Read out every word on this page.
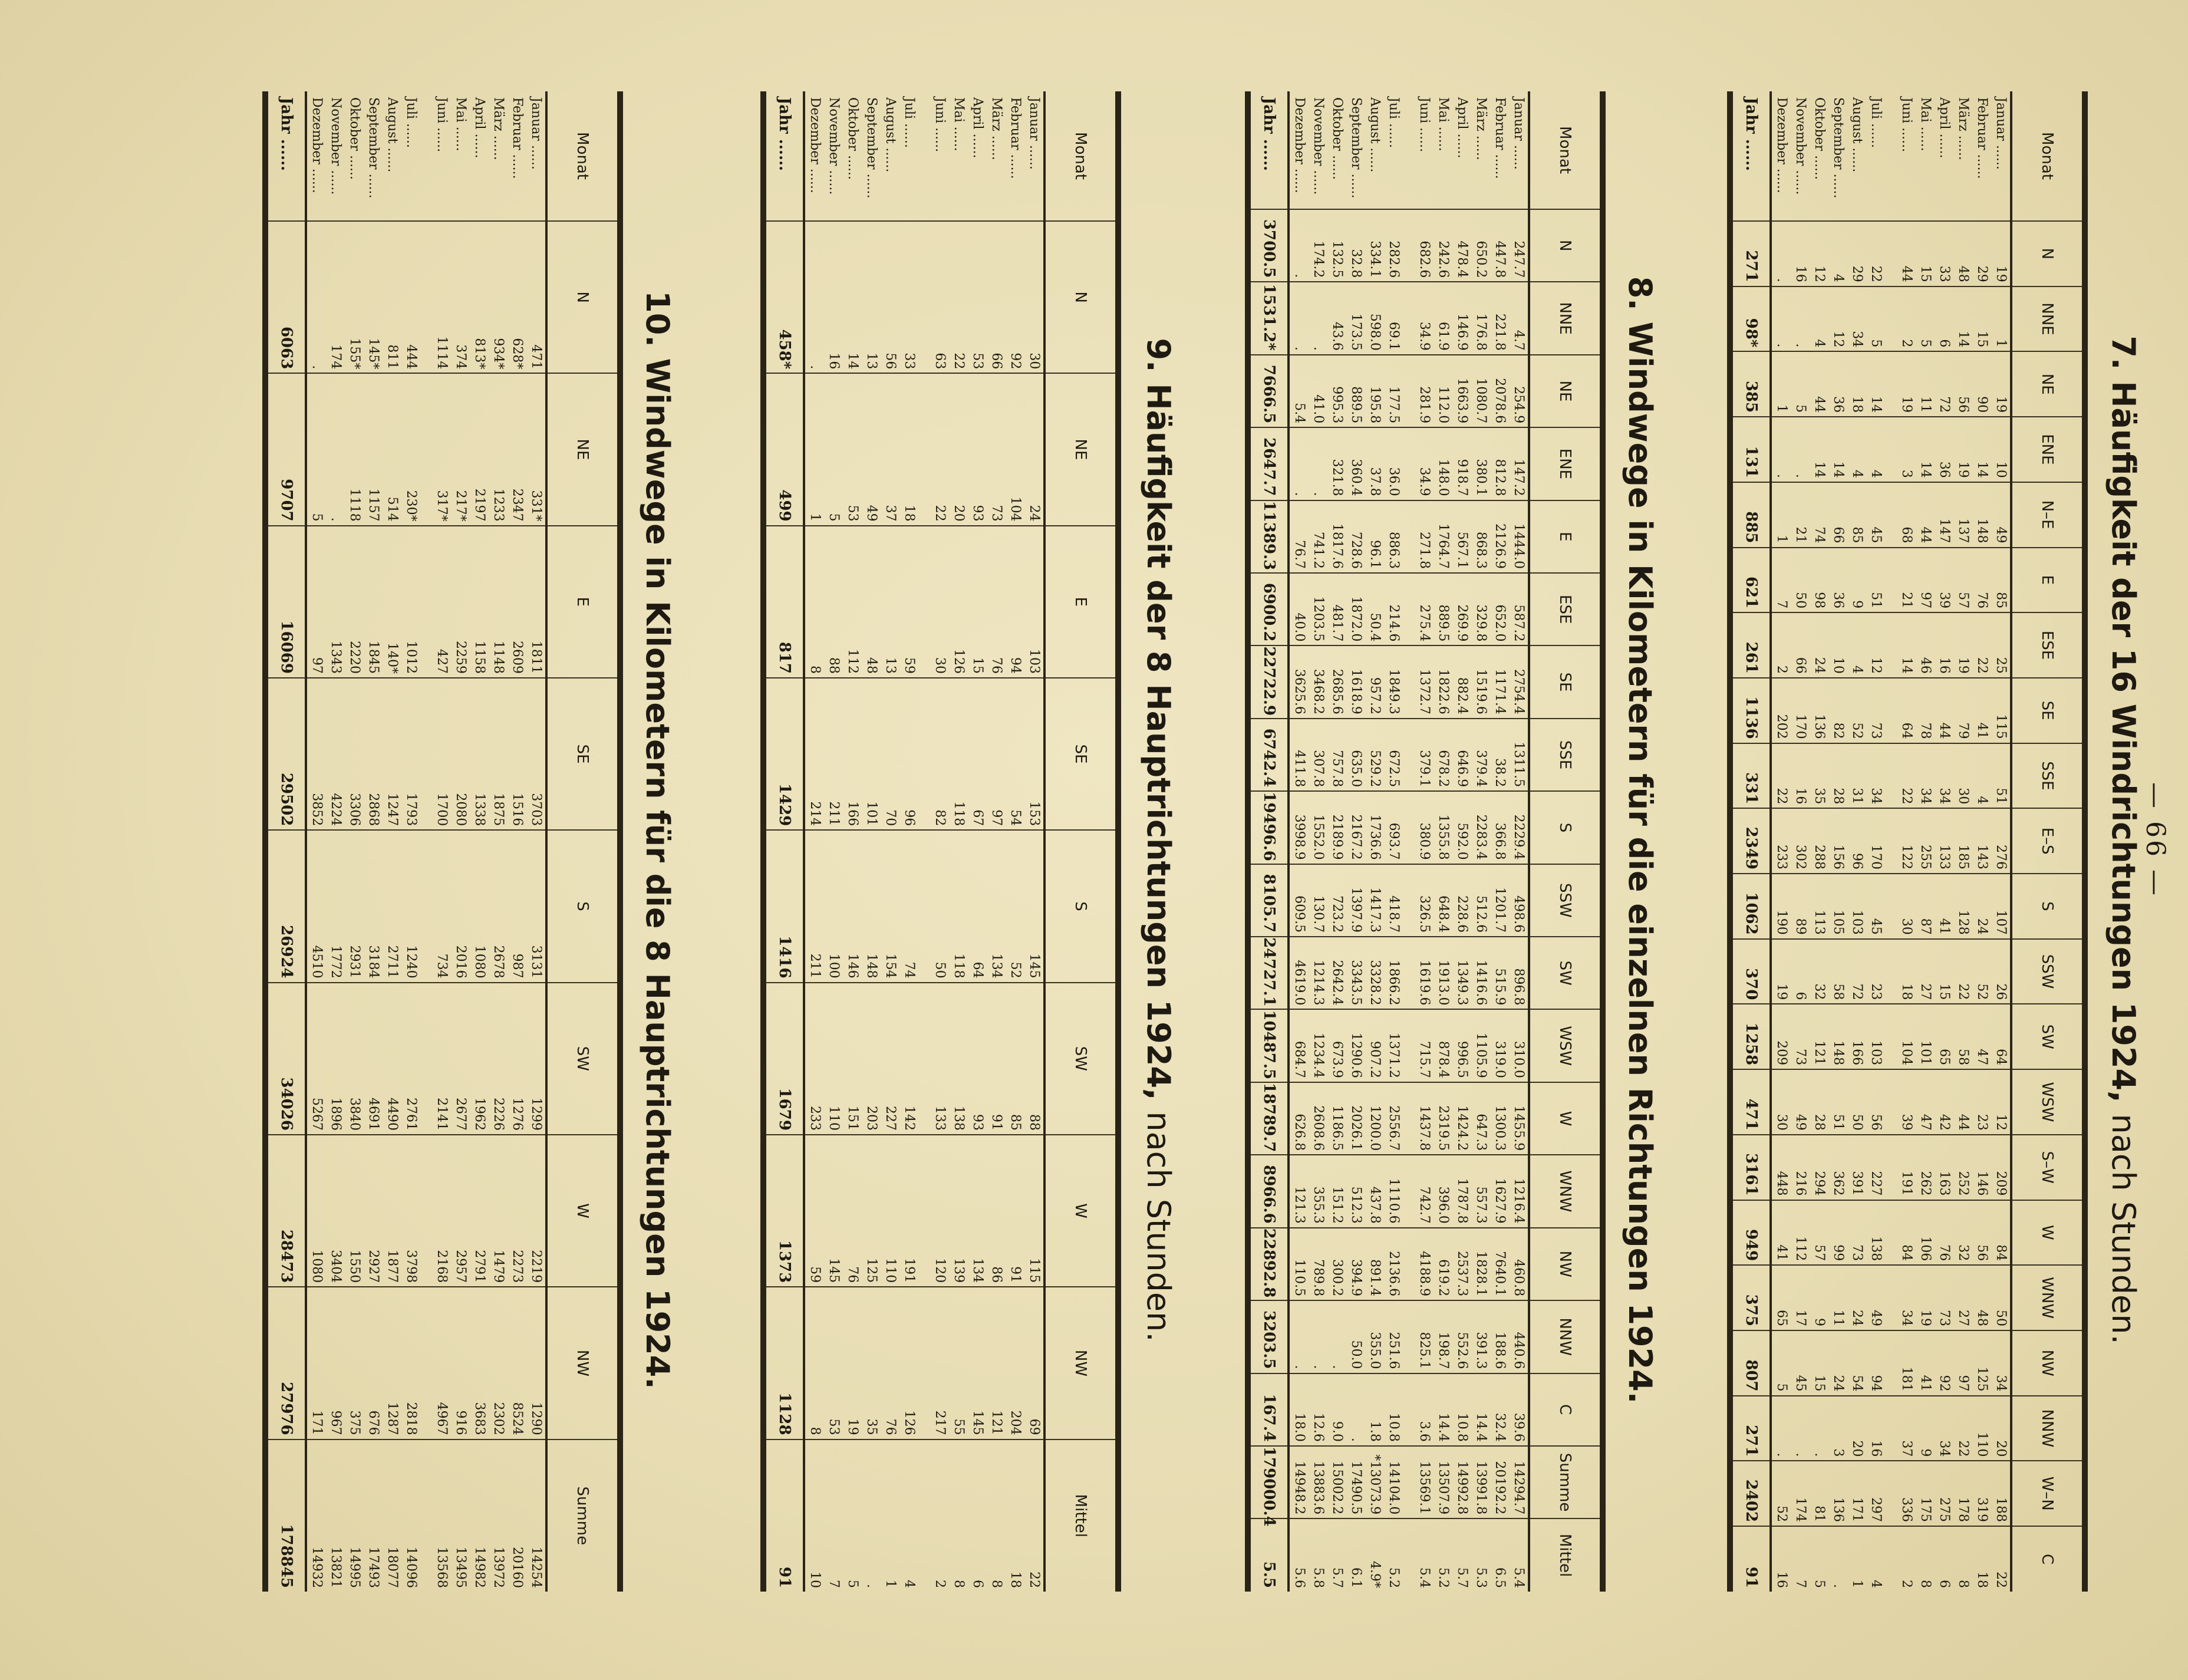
— 66 —
7. Häufigkeit der 16 Windrichtungen 1924, nach Stunden.
Monat	N	NNE	NE	ENE	N–E	E	ESE	SE	SSE	E–S	S	SSW	SW	WSW	S–W	W	WNW	NW	NNW	W–N	C
Januar ......	19	1	19	10	49	85	25	115	51	276	107	26	64	12	209	84	50	34	20	188	22
Februar ......	29	15	90	14	148	76	22	41	4	143	24	52	47	23	146	56	48	125	110	319	18
März ......	48	14	56	19	137	57	19	79	30	185	128	22	58	44	252	32	27	97	22	178	8
April ......	33	6	72	36	147	39	16	44	34	133	41	15	65	42	163	76	73	92	34	275	6
Mai ......	15	5	11	14	44	97	46	78	34	255	87	27	101	47	262	106	19	41	9	175	8
Juni ......	44	2	19	3	68	21	14	64	22	122	30	18	104	39	191	84	34	181	37	336	2

Juli ......	22	5	14	4	45	51	12	73	34	170	45	23	103	56	227	138	49	94	16	297	4
August ......	29	34	18	4	85	9	4	52	31	96	103	72	166	50	391	73	24	54	20	171	1
September ......	4	12	36	14	66	36	10	82	28	156	105	58	148	51	362	99	11	24	3	136	.
Oktober ......	12	4	44	14	74	98	24	136	35	288	113	32	121	28	294	57	9	15	.	81	5
November ......	16	.	5	.	21	50	66	170	16	302	89	6	73	49	216	112	17	45	.	174	7
Dezember ......	.	.	1	.	1	7	2	202	22	233	190	19	209	30	448	41	65	5	.	52	16
Jahr ......	271	98*	385	131	885	621	261	1136	331	2349	1062	370	1258	471	3161	949	375	807	271	2402	91
8. Windwege in Kilometern für die einzelnen Richtungen 1924.
Monat	N	NNE	NE	ENE	E	ESE	SE	SSE	S	SSW	SW	WSW	W	WNW	NW	NNW	C	Summe	Mittel
Januar ......	247.7	4.7	254.9	147.2	1444.0	587.2	2754.4	1311.5	2229.4	498.6	896.8	310.0	1455.9	1216.4	460.8	440.6	39.6	14294.7	5.4
Februar ......	447.8	221.8	2078.6	812.8	2126.9	652.0	1171.4	38.2	366.8	1201.7	515.9	319.0	1300.3	1627.9	7640.1	188.6	32.4	20192.2	6.5
März ......	650.2	176.8	1080.7	380.1	868.3	329.8	1519.6	379.4	2283.4	512.6	1416.6	1105.9	647.3	557.3	1828.1	391.3	14.4	13991.8	5.3
April ......	478.4	146.9	1663.9	918.7	567.1	269.9	882.4	646.9	592.0	228.6	1349.3	996.5	1424.2	1787.8	2537.3	552.6	10.8	14992.8	5.7
Mai ......	242.6	61.9	112.0	148.0	1764.7	889.5	1822.6	678.2	1355.8	648.4	1913.0	878.4	2319.5	396.0	619.2	198.7	14.4	13507.9	5.2
Juni ......	682.6	34.9	281.9	34.9	271.8	275.4	1372.7	379.1	380.9	326.5	1619.6	715.7	1437.8	742.7	4188.9	825.1	3.6	13569.1	5.4

Juli ......	282.6	69.1	177.5	36.0	886.3	214.6	1849.3	672.5	693.7	418.7	1866.2	1371.2	2556.7	1110.6	2136.6	251.6	10.8	14104.0	5.2
August ......	334.1	598.0	195.8	37.8	96.1	50.4	957.2	529.2	1736.6	1417.3	3328.2	907.2	1200.0	437.8	891.4	355.0	1.8	*13073.9	4.9*
September ......	32.8	173.5	889.5	360.4	728.6	1872.0	1618.9	635.0	2167.2	1397.9	3343.5	1290.6	2026.1	512.3	394.9	50.0	.	17490.5	6.1
Oktober ......	132.5	43.6	995.3	321.8	1817.6	481.7	2685.6	757.8	2189.9	723.2	2642.4	673.9	1186.5	151.2	300.2	.	9.0	15002.2	5.7
November ......	174.2	.	41.0	.	741.2	1203.5	3468.2	307.8	1552.0	130.7	1214.3	1234.4	2608.6	355.3	789.8	.	12.6	13883.6	5.8
Dezember ......	.	.	5.4	.	76.7	40.0	3625.6	411.8	3998.9	609.5	4619.0	684.7	626.8	121.3	110.5	.	18.0	14948.2	5.6
Jahr ......	3700.5	1531.2*	7666.5	2647.7	11389.3	6900.2	22722.9	6742.4	19496.6	8105.7	24727.1	10487.5	18789.7	8966.6	22892.8	3203.5	167.4	179000.4	5.5
9. Häufigkeit der 8 Hauptrichtungen 1924, nach Stunden.
Monat	N	NE	E	SE	S	SW	W	NW	Mittel
Januar ......	30	24	103	153	145	88	115	69	22
Februar ......	92	104	94	54	52	85	91	204	18
März ......	66	73	76	97	134	91	86	121	8
April ......	53	93	15	67	64	93	134	145	6
Mai ......	22	20	126	118	118	138	139	55	8
Juni ......	63	22	30	82	50	133	120	217	2

Juli ......	33	18	59	96	74	142	191	126	4
August ......	56	37	13	70	154	227	110	76	1
September ......	13	49	48	101	148	203	125	35	.
Oktober ......	14	53	112	166	146	151	76	19	5
November ......	16	5	88	211	100	110	145	53	7
Dezember ......	.	1	8	214	211	233	59	8	10
Jahr ......	458*	499	817	1429	1416	1679	1373	1128	91
10. Windwege in Kilometern für die 8 Hauptrichtungen 1924.
Monat	N	NE	E	SE	S	SW	W	NW	Summe
Januar ......	471	331*	1811	3703	3131	1299	2219	1290	14254
Februar ......	628*	2347	2609	1516	987	1276	2273	8524	20160
März ......	934*	1233	1148	1875	2678	2226	1479	2302	13972
April ......	813*	2197	1158	1338	1080	1962	2791	3683	14982
Mai ......	374	217*	2259	2080	2016	2677	2957	916	13495
Juni ......	1114	317*	427	1700	734	2141	2168	4967	13568

Juli ......	444	230*	1012	1793	1240	2761	3798	2818	14096
August ......	811	514	140*	1247	2711	4490	1877	1287	18077
September ......	145*	1157	1845	2868	3184	4691	2927	676	17493
Oktober ......	155*	1118	2220	3306	2931	3840	1550	375	14995
November ......	174	.	1343	4224	1772	1896	3404	967	13821
Dezember ......	.	5	97	3852	4510	5267	1080	171	14932
Jahr ......	6063	9707	16069	29502	26924	34026	28473	27976	178845
